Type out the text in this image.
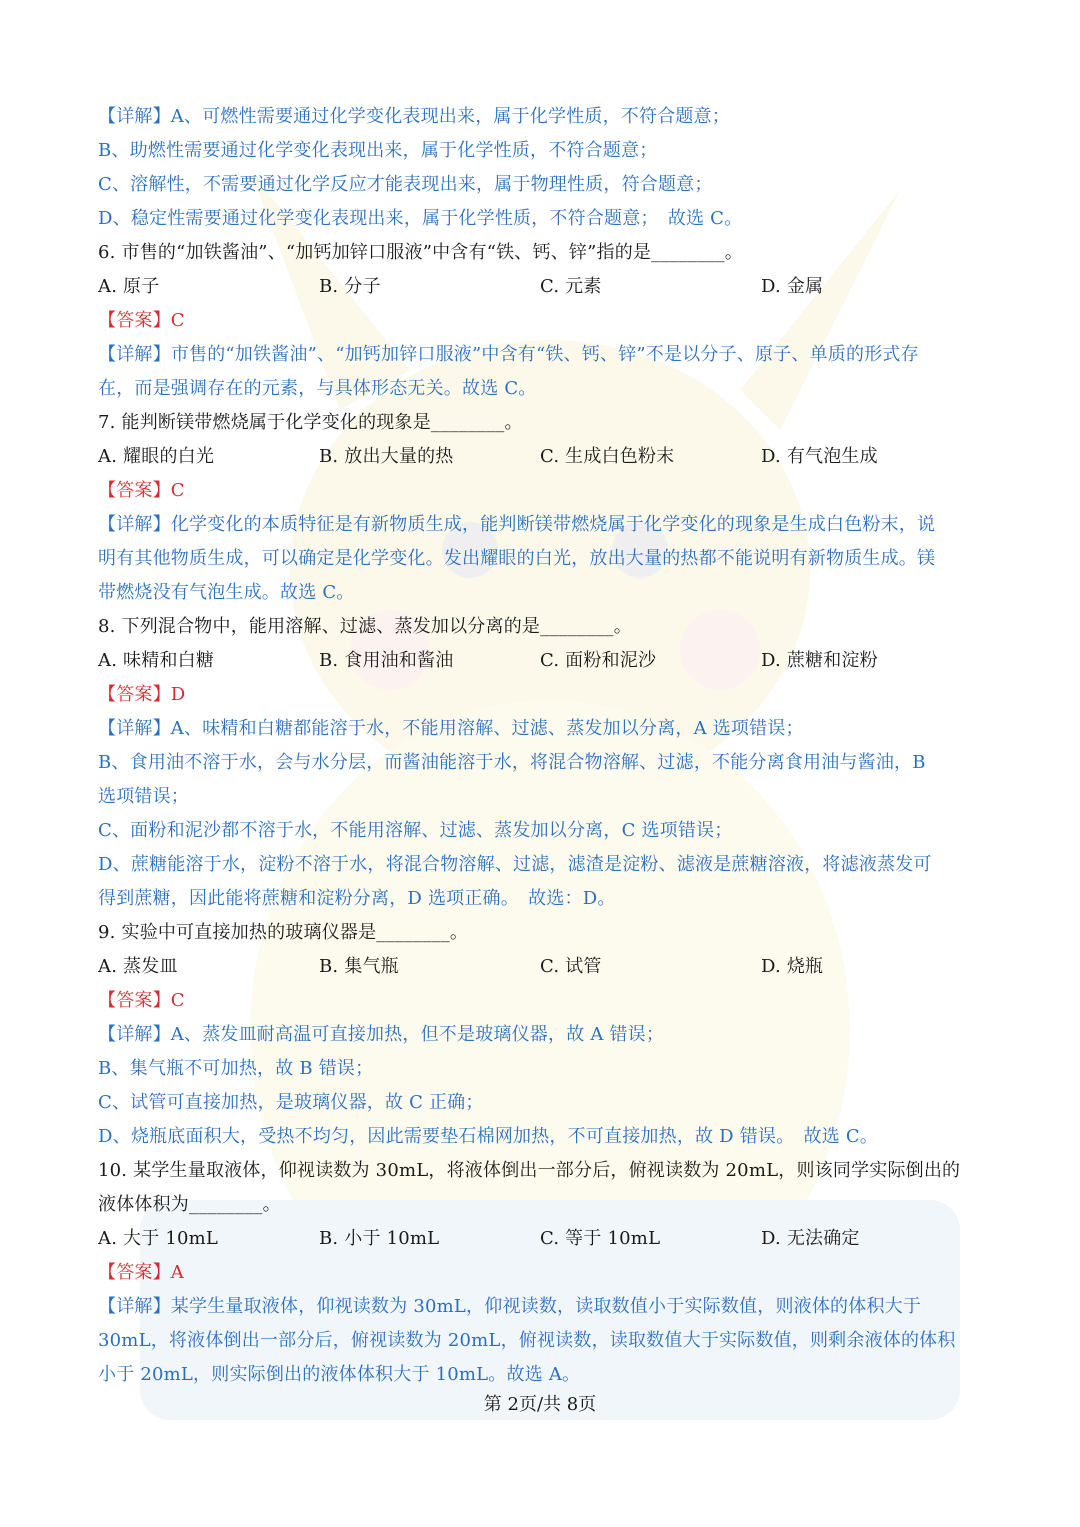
【详解】A、可燃性需要通过化学变化表现出来，属于化学性质，不符合题意；
B、助燃性需要通过化学变化表现出来，属于化学性质，不符合题意；
C、溶解性，不需要通过化学反应才能表现出来，属于物理性质，符合题意；
D、稳定性需要通过化学变化表现出来，属于化学性质，不符合题意；　故选 C。
6. 市售的“加铁酱油”、“加钙加锌口服液”中含有“铁、钙、锌”指的是________。
A. 原子	B. 分子	C. 元素	D. 金属
【答案】C
【详解】市售的“加铁酱油”、“加钙加锌口服液”中含有“铁、钙、锌”不是以分子、原子、单质的形式存
在，而是强调存在的元素，与具体形态无关。故选 C。
7. 能判断镁带燃烧属于化学变化的现象是________。
A. 耀眼的白光	B. 放出大量的热	C. 生成白色粉末	D. 有气泡生成
【答案】C
【详解】化学变化的本质特征是有新物质生成，能判断镁带燃烧属于化学变化的现象是生成白色粉末，说
明有其他物质生成，可以确定是化学变化。发出耀眼的白光，放出大量的热都不能说明有新物质生成。镁
带燃烧没有气泡生成。故选 C。
8. 下列混合物中，能用溶解、过滤、蒸发加以分离的是________。
A. 味精和白糖	B. 食用油和酱油	C. 面粉和泥沙	D. 蔗糖和淀粉
【答案】D
【详解】A、味精和白糖都能溶于水，不能用溶解、过滤、蒸发加以分离，A 选项错误；
B、食用油不溶于水，会与水分层，而酱油能溶于水，将混合物溶解、过滤，不能分离食用油与酱油，B
选项错误；
C、面粉和泥沙都不溶于水，不能用溶解、过滤、蒸发加以分离，C 选项错误；
D、蔗糖能溶于水，淀粉不溶于水，将混合物溶解、过滤，滤渣是淀粉、滤液是蔗糖溶液，将滤液蒸发可
得到蔗糖，因此能将蔗糖和淀粉分离，D 选项正确。　故选：D。
9. 实验中可直接加热的玻璃仪器是________。
A. 蒸发皿	B. 集气瓶	C. 试管	D. 烧瓶
【答案】C
【详解】A、蒸发皿耐高温可直接加热，但不是玻璃仪器，故 A 错误；
B、集气瓶不可加热，故 B 错误；
C、试管可直接加热，是玻璃仪器，故 C 正确；
D、烧瓶底面积大，受热不均匀，因此需要垫石棉网加热，不可直接加热，故 D 错误。　故选 C。
10. 某学生量取液体，仰视读数为 30mL，将液体倒出一部分后，俯视读数为 20mL，则该同学实际倒出的
液体体积为________。
A. 大于 10mL	B. 小于 10mL	C. 等于 10mL	D. 无法确定
【答案】A
【详解】某学生量取液体，仰视读数为 30mL，仰视读数，读取数值小于实际数值，则液体的体积大于
30mL，将液体倒出一部分后，俯视读数为 20mL，俯视读数，读取数值大于实际数值，则剩余液体的体积
小于 20mL，则实际倒出的液体体积大于 10mL。故选 A。
第 2页/共 8页
